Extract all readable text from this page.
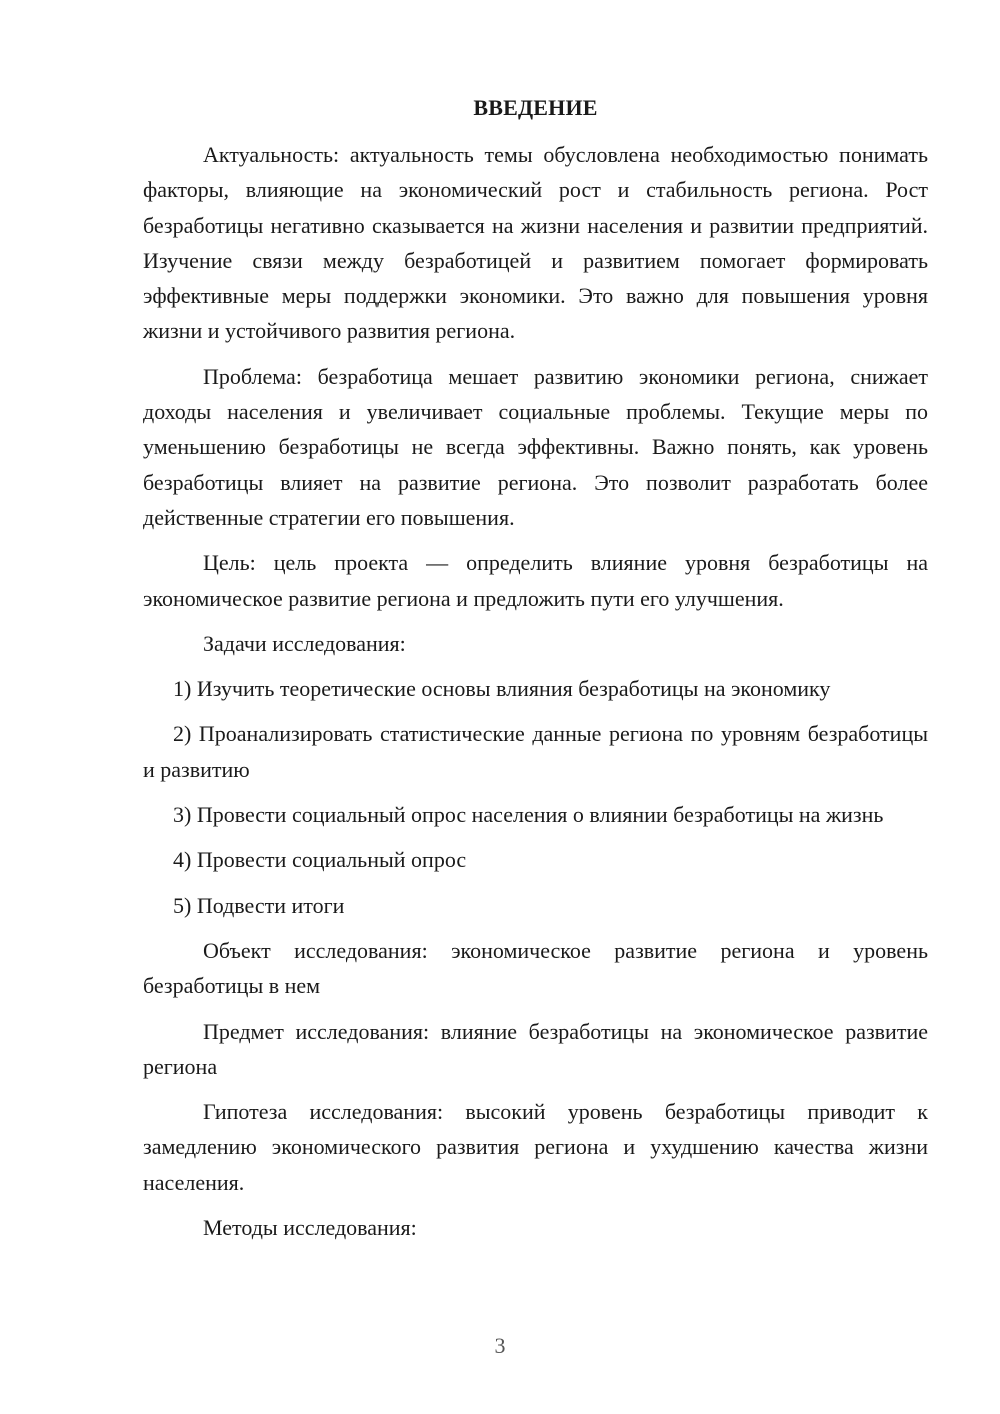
ВВЕДЕНИЕ

Актуальность: актуальность темы обусловлена необходимостью понимать факторы, влияющие на экономический рост и стабильность региона. Рост безработицы негативно сказывается на жизни населения и развитии предприятий. Изучение связи между безработицей и развитием помогает формировать эффективные меры поддержки экономики. Это важно для повышения уровня жизни и устойчивого развития региона.

Проблема: безработица мешает развитию экономики региона, снижает доходы населения и увеличивает социальные проблемы. Текущие меры по уменьшению безработицы не всегда эффективны. Важно понять, как уровень безработицы влияет на развитие региона. Это позволит разработать более действенные стратегии его повышения.

Цель: цель проекта — определить влияние уровня безработицы на экономическое развитие региона и предложить пути его улучшения.

Задачи исследования:

1) Изучить теоретические основы влияния безработицы на экономику

2) Проанализировать статистические данные региона по уровням безработицы и развитию

3) Провести социальный опрос населения о влиянии безработицы на жизнь

4) Провести социальный опрос

5) Подвести итоги

Объект исследования: экономическое развитие региона и уровень безработицы в нем

Предмет исследования: влияние безработицы на экономическое развитие региона

Гипотеза исследования: высокий уровень безработицы приводит к замедлению экономического развития региона и ухудшению качества жизни населения.

Методы исследования:

3
